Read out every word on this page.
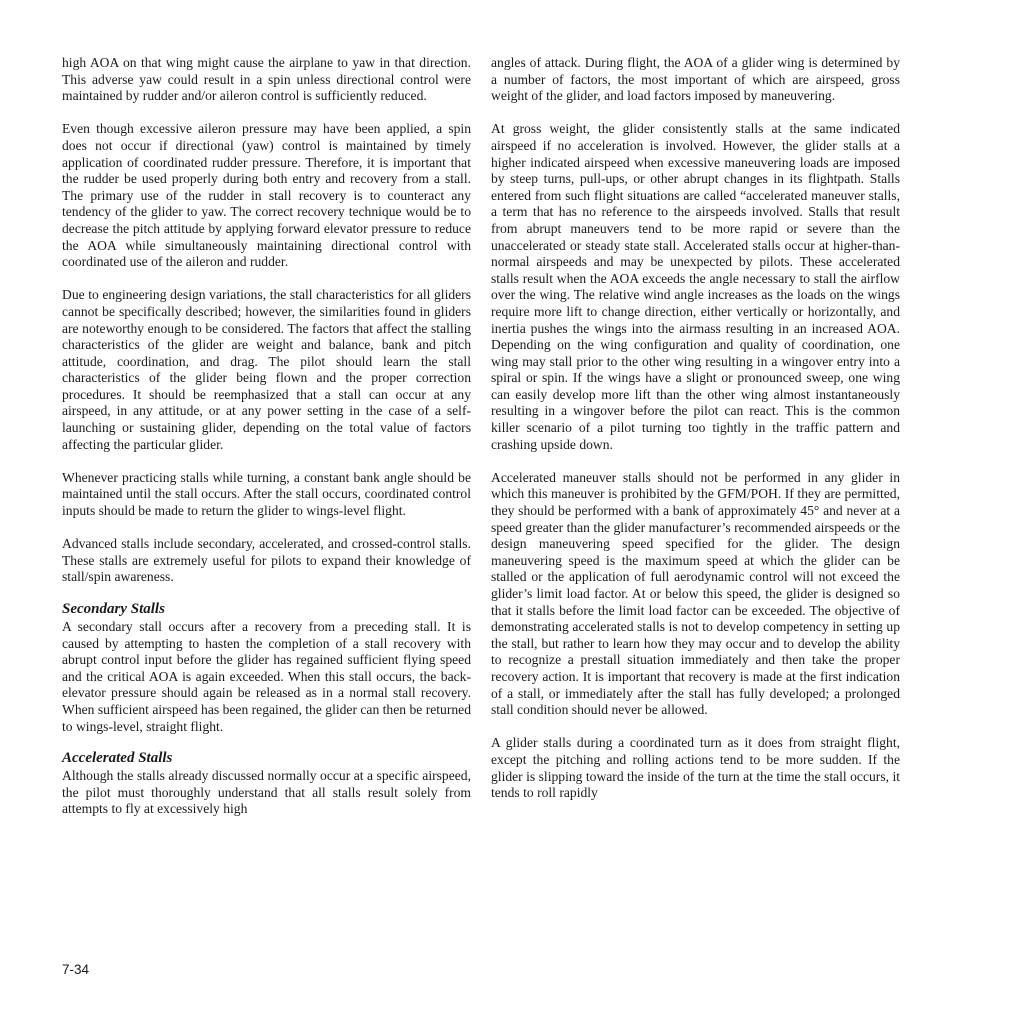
high AOA on that wing might cause the airplane to yaw in that direction. This adverse yaw could result in a spin unless directional control were maintained by rudder and/or aileron control is sufficiently reduced.

Even though excessive aileron pressure may have been applied, a spin does not occur if directional (yaw) control is maintained by timely application of coordinated rudder pressure. Therefore, it is important that the rudder be used properly during both entry and recovery from a stall. The primary use of the rudder in stall recovery is to counteract any tendency of the glider to yaw. The correct recovery technique would be to decrease the pitch attitude by applying forward elevator pressure to reduce the AOA while simultaneously maintaining directional control with coordinated use of the aileron and rudder.

Due to engineering design variations, the stall characteristics for all gliders cannot be specifically described; however, the similarities found in gliders are noteworthy enough to be considered. The factors that affect the stalling characteristics of the glider are weight and balance, bank and pitch attitude, coordination, and drag. The pilot should learn the stall characteristics of the glider being flown and the proper correction procedures. It should be reemphasized that a stall can occur at any airspeed, in any attitude, or at any power setting in the case of a self-launching or sustaining glider, depending on the total value of factors affecting the particular glider.

Whenever practicing stalls while turning, a constant bank angle should be maintained until the stall occurs. After the stall occurs, coordinated control inputs should be made to return the glider to wings-level flight.

Advanced stalls include secondary, accelerated, and crossed-control stalls. These stalls are extremely useful for pilots to expand their knowledge of stall/spin awareness.

Secondary Stalls

A secondary stall occurs after a recovery from a preceding stall. It is caused by attempting to hasten the completion of a stall recovery with abrupt control input before the glider has regained sufficient flying speed and the critical AOA is again exceeded. When this stall occurs, the back-elevator pressure should again be released as in a normal stall recovery. When sufficient airspeed has been regained, the glider can then be returned to wings-level, straight flight.

Accelerated Stalls

Although the stalls already discussed normally occur at a specific airspeed, the pilot must thoroughly understand that all stalls result solely from attempts to fly at excessively high

angles of attack. During flight, the AOA of a glider wing is determined by a number of factors, the most important of which are airspeed, gross weight of the glider, and load factors imposed by maneuvering.

At gross weight, the glider consistently stalls at the same indicated airspeed if no acceleration is involved. However, the glider stalls at a higher indicated airspeed when excessive maneuvering loads are imposed by steep turns, pull-ups, or other abrupt changes in its flightpath. Stalls entered from such flight situations are called “accelerated maneuver stalls, a term that has no reference to the airspeeds involved. Stalls that result from abrupt maneuvers tend to be more rapid or severe than the unaccelerated or steady state stall. Accelerated stalls occur at higher-than-normal airspeeds and may be unexpected by pilots. These accelerated stalls result when the AOA exceeds the angle necessary to stall the airflow over the wing. The relative wind angle increases as the loads on the wings require more lift to change direction, either vertically or horizontally, and inertia pushes the wings into the airmass resulting in an increased AOA. Depending on the wing configuration and quality of coordination, one wing may stall prior to the other wing resulting in a wingover entry into a spiral or spin. If the wings have a slight or pronounced sweep, one wing can easily develop more lift than the other wing almost instantaneously resulting in a wingover before the pilot can react. This is the common killer scenario of a pilot turning too tightly in the traffic pattern and crashing upside down.

Accelerated maneuver stalls should not be performed in any glider in which this maneuver is prohibited by the GFM/POH. If they are permitted, they should be performed with a bank of approximately 45° and never at a speed greater than the glider manufacturer’s recommended airspeeds or the design maneuvering speed specified for the glider. The design maneuvering speed is the maximum speed at which the glider can be stalled or the application of full aerodynamic control will not exceed the glider’s limit load factor. At or below this speed, the glider is designed so that it stalls before the limit load factor can be exceeded. The objective of demonstrating accelerated stalls is not to develop competency in setting up the stall, but rather to learn how they may occur and to develop the ability to recognize a prestall situation immediately and then take the proper recovery action. It is important that recovery is made at the first indication of a stall, or immediately after the stall has fully developed; a prolonged stall condition should never be allowed.

A glider stalls during a coordinated turn as it does from straight flight, except the pitching and rolling actions tend to be more sudden. If the glider is slipping toward the inside of the turn at the time the stall occurs, it tends to roll rapidly

7-34
